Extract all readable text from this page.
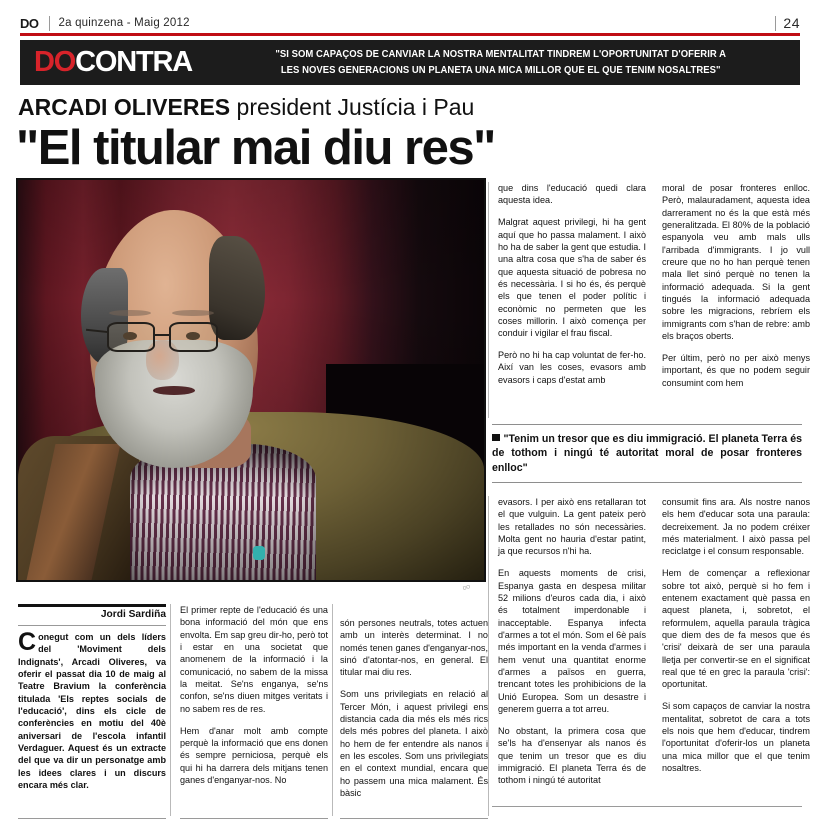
DO	2a quinzena - Maig 2012	24
DOCONTRA	"SI SOM CAPAÇOS DE CANVIAR LA NOSTRA MENTALITAT TINDREM L'OPORTUNITAT D'OFERIR A
LES NOVES GENERACIONS UN PLANETA UNA MICA MILLOR QUE EL QUE TENIM NOSALTRES"
ARCADI OLIVERES president Justícia i Pau
"El titular mai diu res"
DO

que dins l'educació quedi clara aquesta idea.

Malgrat aquest privilegi, hi ha gent aquí que ho passa malament. I això ho ha de saber la gent que estudia. I una altra cosa que s'ha de saber és que aquesta situació de pobresa no és necessària. I si ho és, és perquè els que tenen el poder polític i econòmic no permeten que les coses millorin. I això comença per conduir i vigilar el frau fiscal.

Però no hi ha cap voluntat de fer-ho. Així van les coses, evasors amb evasors i caps d'estat amb

moral de posar fronteres enlloc. Però, malauradament, aquesta idea darrerament no és la que està més generalitzada. El 80% de la població espanyola veu amb mals ulls l'arribada d'immigrants. I jo vull creure que no ho han perquè tenen mala llet sinó perquè no tenen la informació adequada. Si la gent tingués la informació adequada sobre les migracions, rebríem els immigrants com s'han de rebre: amb els braços oberts.

Per últim, però no per això menys important, és que no podem seguir consumint com hem

"Tenim un tresor que es diu immigració. El planeta Terra és de tothom i ningú té autoritat moral de posar fronteres enlloc"

evasors. I per això ens retallaran tot el que vulguin. La gent pateix però les retallades no són necessàries. Molta gent no hauria d'estar patint, ja que recursos n'hi ha.

En aquests moments de crisi, Espanya gasta en despesa militar 52 milions d'euros cada dia, i això és totalment imperdonable i inacceptable. Espanya infecta d'armes a tot el món. Som el 6è país més important en la venda d'armes i hem venut una quantitat enorme d'armes a països en guerra, trencant totes les prohibicions de la Unió Europea. Som un desastre i generem guerra a tot arreu.

No obstant, la primera cosa que se'ls ha d'ensenyar als nanos és que tenim un tresor que es diu immigració. El planeta Terra és de tothom i ningú té autoritat

consumit fins ara. Als nostre nanos els hem d'educar sota una paraula: decreixement. Ja no podem créixer més materialment. I això passa pel reciclatge i el consum responsable.

Hem de començar a reflexionar sobre tot això, perquè si ho fem i entenem exactament què passa en aquest planeta, i, sobretot, el reformulem, aquella paraula tràgica que diem des de fa mesos que és 'crisi' deixarà de ser una paraula lletja per convertir-se en el significat real que té en grec la paraula 'crisi': oportunitat.

Si som capaços de canviar la nostra mentalitat, sobretot de cara a tots els nois que hem d'educar, tindrem l'oportunitat d'oferir-los un planeta una mica millor que el que tenim nosaltres.

Jordi Sardiña

Conegut com un dels líders del 'Moviment dels Indignats', Arcadi Oliveres, va oferir el passat dia 10 de maig al Teatre Bravium la conferència titulada 'Els reptes socials de l'educació', dins els cicle de conferències en motiu del 40è aniversari de l'escola infantil Verdaguer. Aquest és un extracte del que va dir un personatge amb les idees clares i un discurs encara més clar.

El primer repte de l'educació és una bona informació del món que ens envolta. Em sap greu dir-ho, però tot i estar en una societat que anomenem de la informació i la comunicació, no sabem de la missa la meitat. Se'ns enganya, se'ns confon, se'ns diuen mitges veritats i no sabem res de res.

Hem d'anar molt amb compte perquè la informació que ens donen és sempre perniciosa, perquè els qui hi ha darrera dels mitjans tenen ganes d'enganyar-nos. No

són persones neutrals, totes actuen amb un interès determinat. I no només tenen ganes d'enganyar-nos, sinó d'atontar-nos, en general. El titular mai diu res.

Som uns privilegiats en relació al Tercer Món, i aquest privilegi ens distancia cada dia més els més rics dels més pobres del planeta. I això ho hem de fer entendre als nanos i en les escoles. Som uns privilegiats en el context mundial, encara que ho passem una mica malament. És bàsic
